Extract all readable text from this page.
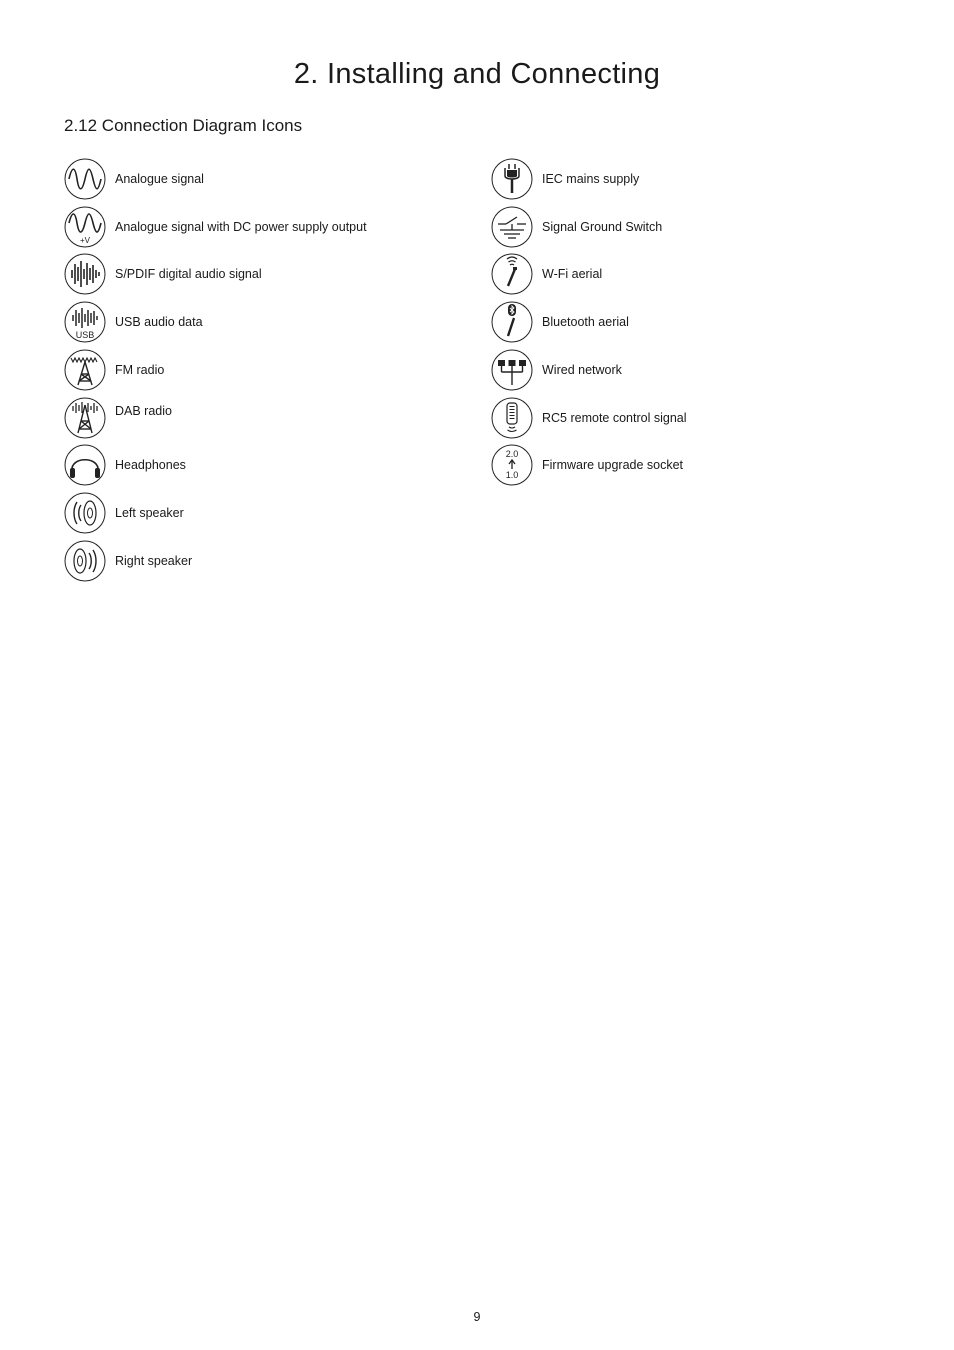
2. Installing and Connecting
2.12 Connection Diagram Icons
Analogue signal
+V
Analogue signal with DC power supply output
S/PDIF digital audio signal
USB
USB audio data
FM radio
DAB radio
Headphones
Left speaker
Right speaker
IEC mains supply
Signal Ground Switch
W-Fi aerial
Bluetooth aerial
Wired network
RC5 remote control signal
2.0
1.0
Firmware upgrade socket
9
